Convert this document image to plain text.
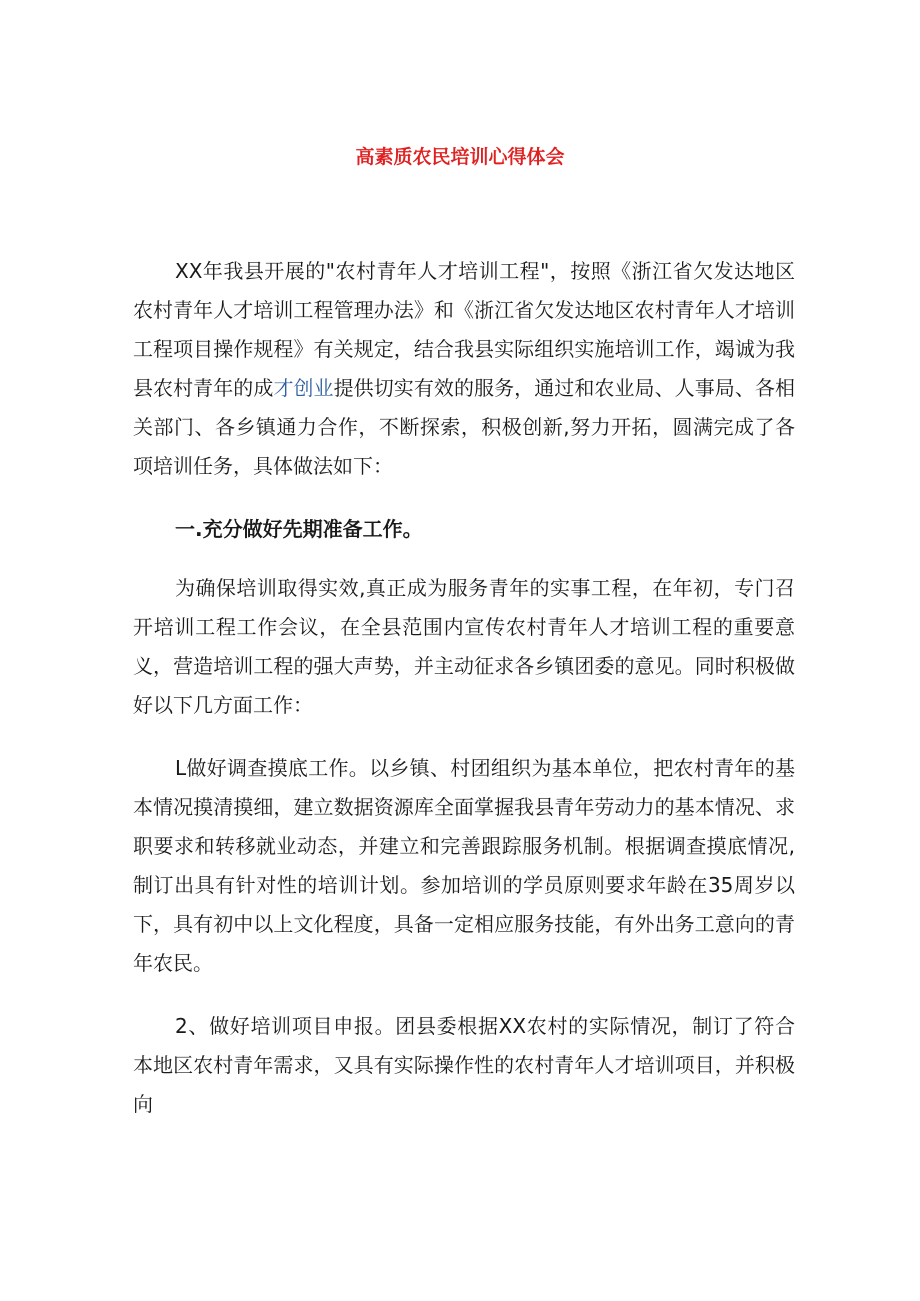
高素质农民培训心得体会

XX年我县开展的"农村青年人才培训工程"，按照《浙江省欠发达地区农村青年人才培训工程管理办法》和《浙江省欠发达地区农村青年人才培训工程项目操作规程》有关规定，结合我县实际组织实施培训工作，竭诚为我县农村青年的成才创业提供切实有效的服务，通过和农业局、人事局、各相关部门、各乡镇通力合作，不断探索，积极创新,努力开拓，圆满完成了各项培训任务，具体做法如下：

一.充分做好先期准备工作。

为确保培训取得实效,真正成为服务青年的实事工程，在年初，专门召开培训工程工作会议，在全县范围内宣传农村青年人才培训工程的重要意义，营造培训工程的强大声势，并主动征求各乡镇团委的意见。同时积极做好以下几方面工作：

L做好调查摸底工作。以乡镇、村团组织为基本单位，把农村青年的基本情况摸清摸细，建立数据资源库全面掌握我县青年劳动力的基本情况、求职要求和转移就业动态，并建立和完善跟踪服务机制。根据调查摸底情况,制订出具有针对性的培训计划。参加培训的学员原则要求年龄在35周岁以下，具有初中以上文化程度，具备一定相应服务技能，有外出务工意向的青年农民。

2、做好培训项目申报。团县委根据XX农村的实际情况，制订了符合本地区农村青年需求，又具有实际操作性的农村青年人才培训项目，并积极向
